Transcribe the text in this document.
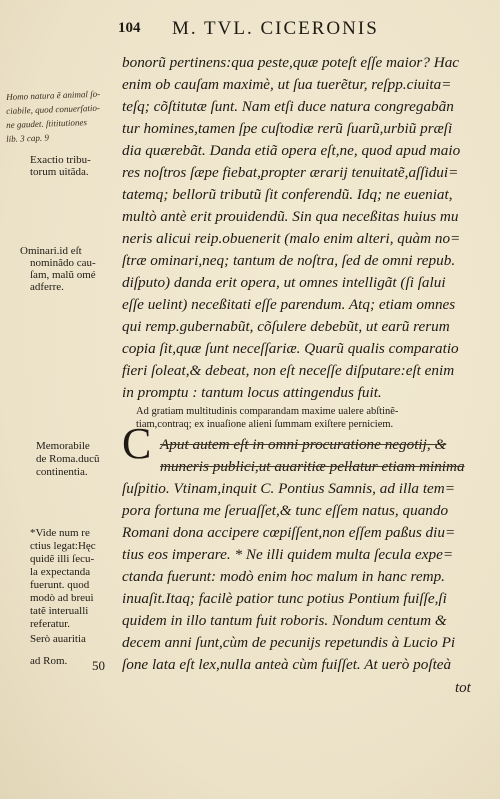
104 M. TVL. CICERONIS
Homo natura ẽ animal ſo-
ciabile, quod conuerſatio-
ne gaudet. ſtititutiones
lib. 3 cap. 9
Exactio tribu-
torum uitãda.
Ominari.id eſt
nominãdo cau-
ſam, malũ omé
adferre.
Memorabile
de Roma.ducũ
continentia.
*Vide num re
ctius legat:Hęc
quidẽ illi ſecu-
la expectanda
fuerunt. quod
modò ad breui
tatẽ interualli
referatur.
Serò auaritia
ad Rom.
bonorũ pertinens:qua peste,quæ poteſt eſſe maior? Hac
enim ob cauſam maximè, ut ſua tuerẽtur, reſpp.ciuita=
teſq; cõſtitutæ ſunt. Nam etſi duce natura congregabãn
tur homines,tamen ſpe cuſtodiæ rerũ ſuarũ,urbiũ præſi
dia quærebãt. Danda etiã opera eſt,ne, quod apud maio
res noſtros ſæpe fiebat,propter ærarij tenuitatẽ,aſſidui=
tatemq; bellorũ tributũ ſit conferendũ. Idq; ne eueniat,
multò antè erit prouidendũ. Sin qua neceßitas huius mu
neris alicui reip.obuenerit (malo enim alteri, quàm no=
ſtræ ominari,neq; tantum de noſtra, ſed de omni repub.
diſputo) danda erit opera, ut omnes intelligãt (ſi ſalui
eſſe uelint) neceßitati eſſe parendum. Atq; etiam omnes
qui remp.gubernabũt, cõſulere debebũt, ut earũ rerum
copia ſit,quæ ſunt neceſſariæ. Quarũ qualis comparatio
fieri ſoleat,& debeat, non eſt neceſſe diſputare:eſt enim
in promptu : tantum locus attingendus fuit.
Ad gratiam multitudinis comparandam maxime ualere abſtinẽ-
tiam,contraq; ex inuaſione alieni ſummam exiſtere perniciem.
C Aput autem eſt in omni procuratione negotij, &
muneris publici,ut auaritiæ pellatur etiam minima
ſuſpitio. Vtinam,inquit C. Pontius Samnis, ad illa tem=
pora fortuna me ſeruaſſet,& tunc eſſem natus, quando
Romani dona accipere cœpiſſent,non eſſem paßus diu=
tius eos imperare. * Ne illi quidem multa ſecula expe=
ctanda fuerunt: modò enim hoc malum in hanc remp.
inuaſit.Itaq; facilè patior tunc potius Pontium fuiſſe,ſi
quidem in illo tantum fuit roboris. Nondum centum &
decem anni ſunt,cùm de pecunijs repetundis à Lucio Pi
ſone lata eſt lex,nulla anteà cùm fuiſſet. At uerò poſteà
50
tot
